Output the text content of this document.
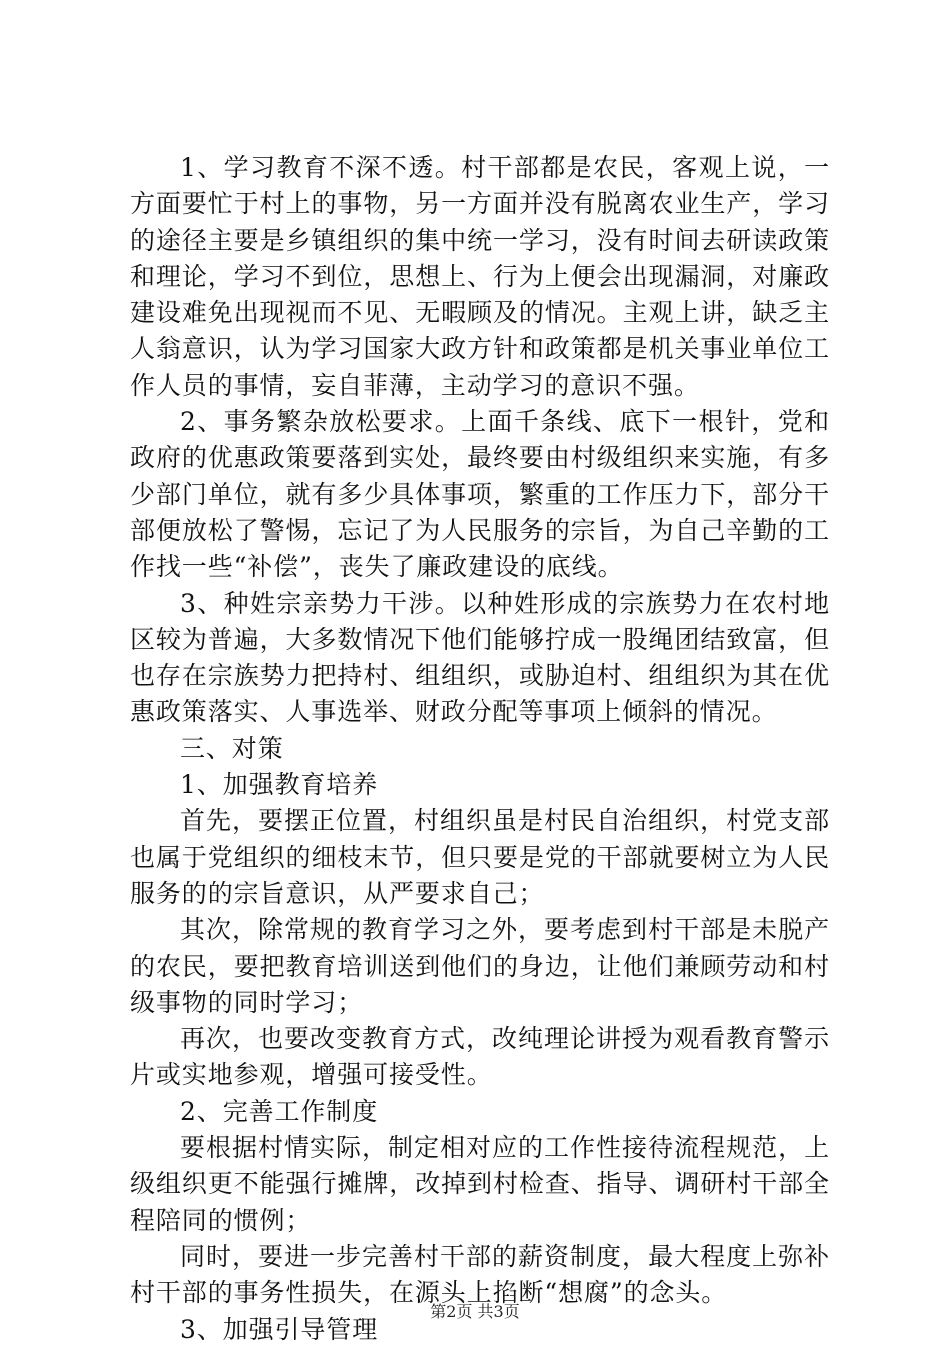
1、学习教育不深不透。村干部都是农民，客观上说，一方面要忙于村上的事物，另一方面并没有脱离农业生产，学习的途径主要是乡镇组织的集中统一学习，没有时间去研读政策和理论，学习不到位，思想上、行为上便会出现漏洞，对廉政建设难免出现视而不见、无暇顾及的情况。主观上讲，缺乏主人翁意识，认为学习国家大政方针和政策都是机关事业单位工作人员的事情，妄自菲薄，主动学习的意识不强。

2、事务繁杂放松要求。上面千条线、底下一根针，党和政府的优惠政策要落到实处，最终要由村级组织来实施，有多少部门单位，就有多少具体事项，繁重的工作压力下，部分干部便放松了警惕，忘记了为人民服务的宗旨，为自己辛勤的工作找一些“补偿”，丧失了廉政建设的底线。

3、种姓宗亲势力干涉。以种姓形成的宗族势力在农村地区较为普遍，大多数情况下他们能够拧成一股绳团结致富，但也存在宗族势力把持村、组组织，或胁迫村、组组织为其在优惠政策落实、人事选举、财政分配等事项上倾斜的情况。

三、对策

1、加强教育培养

首先，要摆正位置，村组织虽是村民自治组织，村党支部也属于党组织的细枝末节，但只要是党的干部就要树立为人民服务的的宗旨意识，从严要求自己；

其次，除常规的教育学习之外，要考虑到村干部是未脱产的农民，要把教育培训送到他们的身边，让他们兼顾劳动和村级事物的同时学习；

再次，也要改变教育方式，改纯理论讲授为观看教育警示片或实地参观，增强可接受性。

2、完善工作制度

要根据村情实际，制定相对应的工作性接待流程规范，上级组织更不能强行摊牌，改掉到村检查、指导、调研村干部全程陪同的惯例；

同时，要进一步完善村干部的薪资制度，最大程度上弥补村干部的事务性损失，在源头上掐断“想腐”的念头。

3、加强引导管理

第2页 共3页
